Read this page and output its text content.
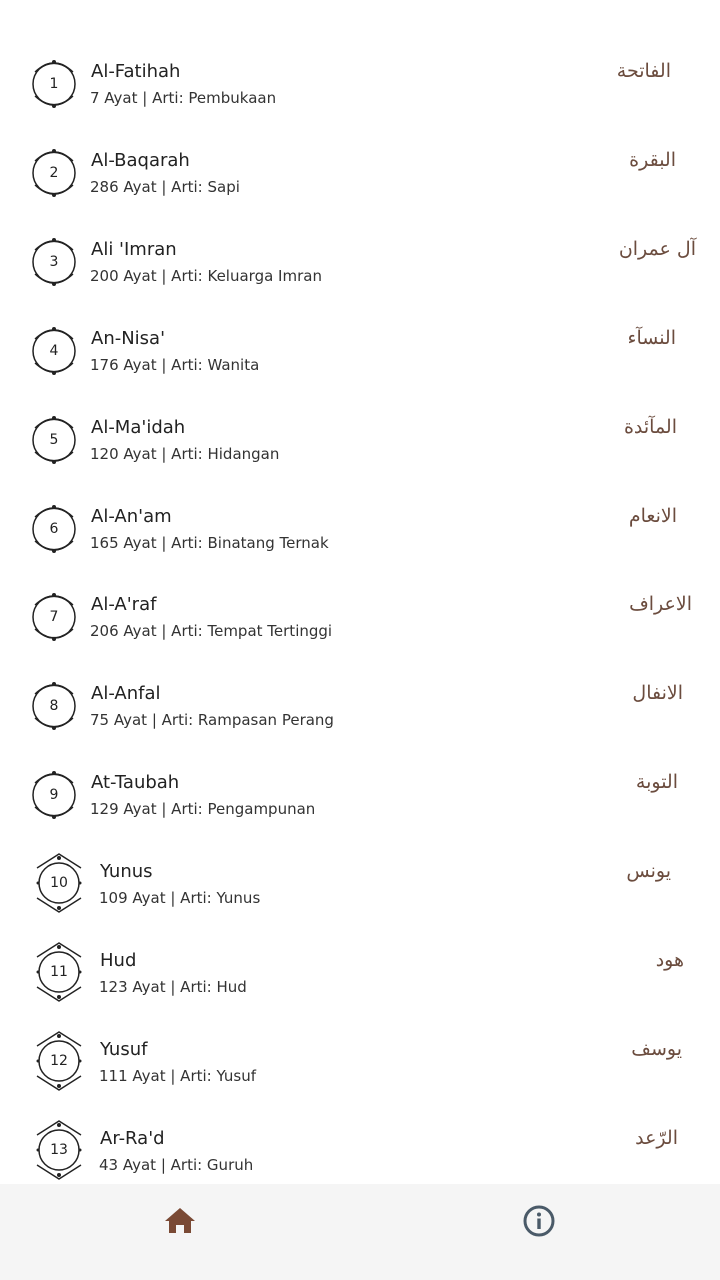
1
Al-Fatihah
7 Ayat | Arti: Pembukaan
الفاتحة
2
Al-Baqarah
286 Ayat | Arti: Sapi
البقرة
3
Ali 'Imran
200 Ayat | Arti: Keluarga Imran
آل عمران
4
An-Nisa'
176 Ayat | Arti: Wanita
النسآء
5
Al-Ma'idah
120 Ayat | Arti: Hidangan
المآئدة
6
Al-An'am
165 Ayat | Arti: Binatang Ternak
الانعام
7
Al-A'raf
206 Ayat | Arti: Tempat Tertinggi
الاعراف
8
Al-Anfal
75 Ayat | Arti: Rampasan Perang
الانفال
9
At-Taubah
129 Ayat | Arti: Pengampunan
التوبة
10
Yunus
109 Ayat | Arti: Yunus
يونس
11
Hud
123 Ayat | Arti: Hud
هود
12
Yusuf
111 Ayat | Arti: Yusuf
يوسف
13
Ar-Ra'd
43 Ayat | Arti: Guruh
الرّعد
